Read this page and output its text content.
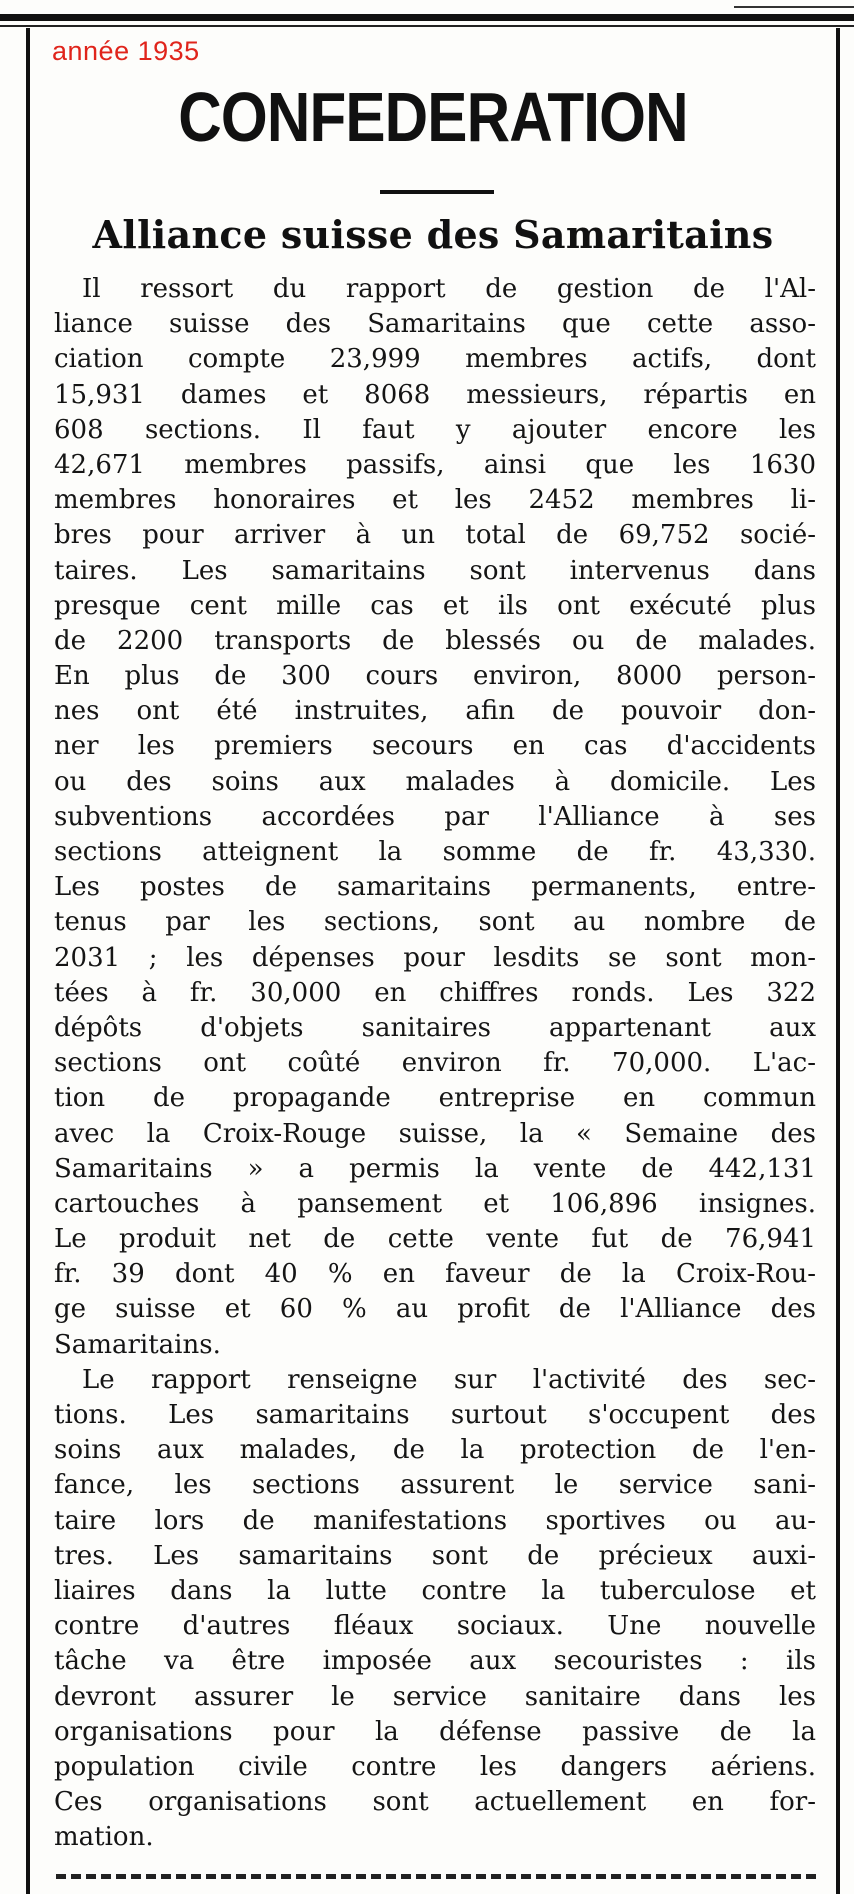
année 1935
CONFEDERATION
Alliance suisse des Samaritains
Il ressort du rapport de gestion de l'Al-
liance suisse des Samaritains que cette asso-
ciation compte 23,999 membres actifs, dont
15,931 dames et 8068 messieurs, répartis en
608 sections. Il faut y ajouter encore les
42,671 membres passifs, ainsi que les 1630
membres honoraires et les 2452 membres li-
bres pour arriver à un total de 69,752 socié-
taires. Les samaritains sont intervenus dans
presque cent mille cas et ils ont exécuté plus
de 2200 transports de blessés ou de malades.
En plus de 300 cours environ, 8000 person-
nes ont été instruites, afin de pouvoir don-
ner les premiers secours en cas d'accidents
ou des soins aux malades à domicile. Les
subventions accordées par l'Alliance à ses
sections atteignent la somme de fr. 43,330.
Les postes de samaritains permanents, entre-
tenus par les sections, sont au nombre de
2031 ; les dépenses pour lesdits se sont mon-
tées à fr. 30,000 en chiffres ronds. Les 322
dépôts d'objets sanitaires appartenant aux
sections ont coûté environ fr. 70,000. L'ac-
tion de propagande entreprise en commun
avec la Croix-Rouge suisse, la « Semaine des
Samaritains » a permis la vente de 442,131
cartouches à pansement et 106,896 insignes.
Le produit net de cette vente fut de 76,941
fr. 39 dont 40 % en faveur de la Croix-Rou-
ge suisse et 60 % au profit de l'Alliance des
Samaritains.
Le rapport renseigne sur l'activité des sec-
tions. Les samaritains surtout s'occupent des
soins aux malades, de la protection de l'en-
fance, les sections assurent le service sani-
taire lors de manifestations sportives ou au-
tres. Les samaritains sont de précieux auxi-
liaires dans la lutte contre la tuberculose et
contre d'autres fléaux sociaux. Une nouvelle
tâche va être imposée aux secouristes : ils
devront assurer le service sanitaire dans les
organisations pour la défense passive de la
population civile contre les dangers aériens.
Ces organisations sont actuellement en for-
mation.
